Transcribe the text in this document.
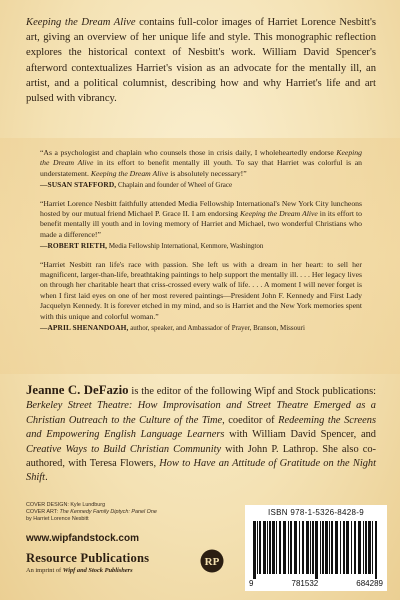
Keeping the Dream Alive contains full-color images of Harriet Lorence Nesbitt's art, giving an overview of her unique life and style. This monographic reflection explores the historical context of Nesbitt's work. William David Spencer's afterword contextualizes Harriet's vision as an advocate for the mentally ill, an artist, and a political columnist, describing how and why Harriet's life and art pulsed with vibrancy.

“As a psychologist and chaplain who counsels those in crisis daily, I wholeheartedly endorse Keeping the Dream Alive in its effort to benefit mentally ill youth. To say that Harriet was colorful is an understatement. Keeping the Dream Alive is absolutely necessary!”

—SUSAN STAFFORD, Chaplain and founder of Wheel of Grace

“Harriet Lorence Nesbitt faithfully attended Media Fellowship International's New York City luncheons hosted by our mutual friend Michael P. Grace II. I am endorsing Keeping the Dream Alive in its effort to benefit mentally ill youth and in loving memory of Harriet and Michael, two wonderful Christians who made a difference!”

—ROBERT RIETH, Media Fellowship International, Kenmore, Washington

“Harriet Nesbitt ran life's race with passion. She left us with a dream in her heart: to sell her magnificent, larger-than-life, breathtaking paintings to help support the mentally ill. . . . Her legacy lives on through her charitable heart that criss-crossed every walk of life. . . . A moment I will never forget is when I first laid eyes on one of her most revered paintings—President John F. Kennedy and First Lady Jacquelyn Kennedy. It is forever etched in my mind, and so is Harriet and the New York memories spent with this unique and colorful woman.”

—APRIL SHENANDOAH, author, speaker, and Ambassador of Prayer, Branson, Missouri
Jeanne C. DeFazio is the editor of the following Wipf and Stock publications: Berkeley Street Theatre: How Improvisation and Street Theatre Emerged as a Christian Outreach to the Culture of the Time, coeditor of Redeeming the Screens and Empowering English Language Learners with William David Spencer, and Creative Ways to Build Christian Community with John P. Lathrop. She also co-authored, with Teresa Flowers, How to Have an Attitude of Gratitude on the Night Shift.
COVER DESIGN: Kyle Lundburg
COVER ART: The Kennedy Family Diptych: Panel One
by Harriet Lorence Nesbitt
www.wipfandstock.com
Resource Publications
An imprint of Wipf and Stock Publishers
RP
ISBN 978-1-5326-8428-9
9	781532	684289
